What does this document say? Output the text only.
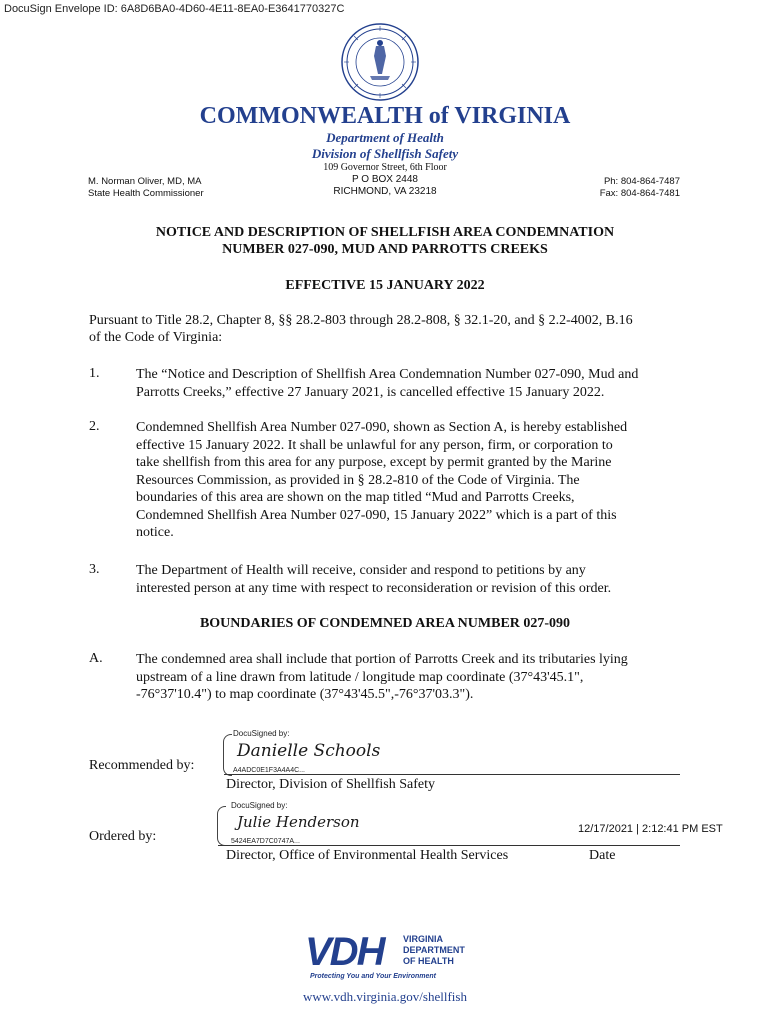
DocuSign Envelope ID: 6A8D6BA0-4D60-4E11-8EA0-E3641770327C
COMMONWEALTH of VIRGINIA
Department of Health
Division of Shellfish Safety
109 Governor Street, 6th Floor
P O BOX 2448
RICHMOND, VA 23218
M. Norman Oliver, MD, MA
State Health Commissioner
Ph: 804-864-7487
Fax: 804-864-7481
NOTICE AND DESCRIPTION OF SHELLFISH AREA CONDEMNATION
NUMBER 027-090, MUD AND PARROTTS CREEKS
EFFECTIVE 15 JANUARY 2022
Pursuant to Title 28.2, Chapter 8, §§ 28.2-803 through 28.2-808, § 32.1-20, and § 2.2-4002, B.16
of the Code of Virginia:
1.	The “Notice and Description of Shellfish Area Condemnation Number 027-090, Mud and
Parrotts Creeks,” effective 27 January 2021, is cancelled effective 15 January 2022.
2.	Condemned Shellfish Area Number 027-090, shown as Section A, is hereby established
effective 15 January 2022. It shall be unlawful for any person, firm, or corporation to
take shellfish from this area for any purpose, except by permit granted by the Marine
Resources Commission, as provided in § 28.2-810 of the Code of Virginia. The
boundaries of this area are shown on the map titled “Mud and Parrotts Creeks,
Condemned Shellfish Area Number 027-090, 15 January 2022” which is a part of this
notice.
3.	The Department of Health will receive, consider and respond to petitions by any
interested person at any time with respect to reconsideration or revision of this order.
BOUNDARIES OF CONDEMNED AREA NUMBER 027-090
A. The condemned area shall include that portion of Parrotts Creek and its tributaries lying
upstream of a line drawn from latitude / longitude map coordinate (37°43'45.1",
-76°37'10.4") to map coordinate (37°43'45.5",-76°37'03.3").
DocuSigned by:
Danielle Schools
A4ADC0E1F3A4A4C...
Recommended by:
Director, Division of Shellfish Safety
DocuSigned by:
Julie Henderson
5424EA7D7C0747A...
Ordered by:	12/17/2021 | 2:12:41 PM EST
Director, Office of Environmental Health Services	Date
VDH VIRGINIA
DEPARTMENT
OF HEALTH
Protecting You and Your Environment
www.vdh.virginia.gov/shellfish
